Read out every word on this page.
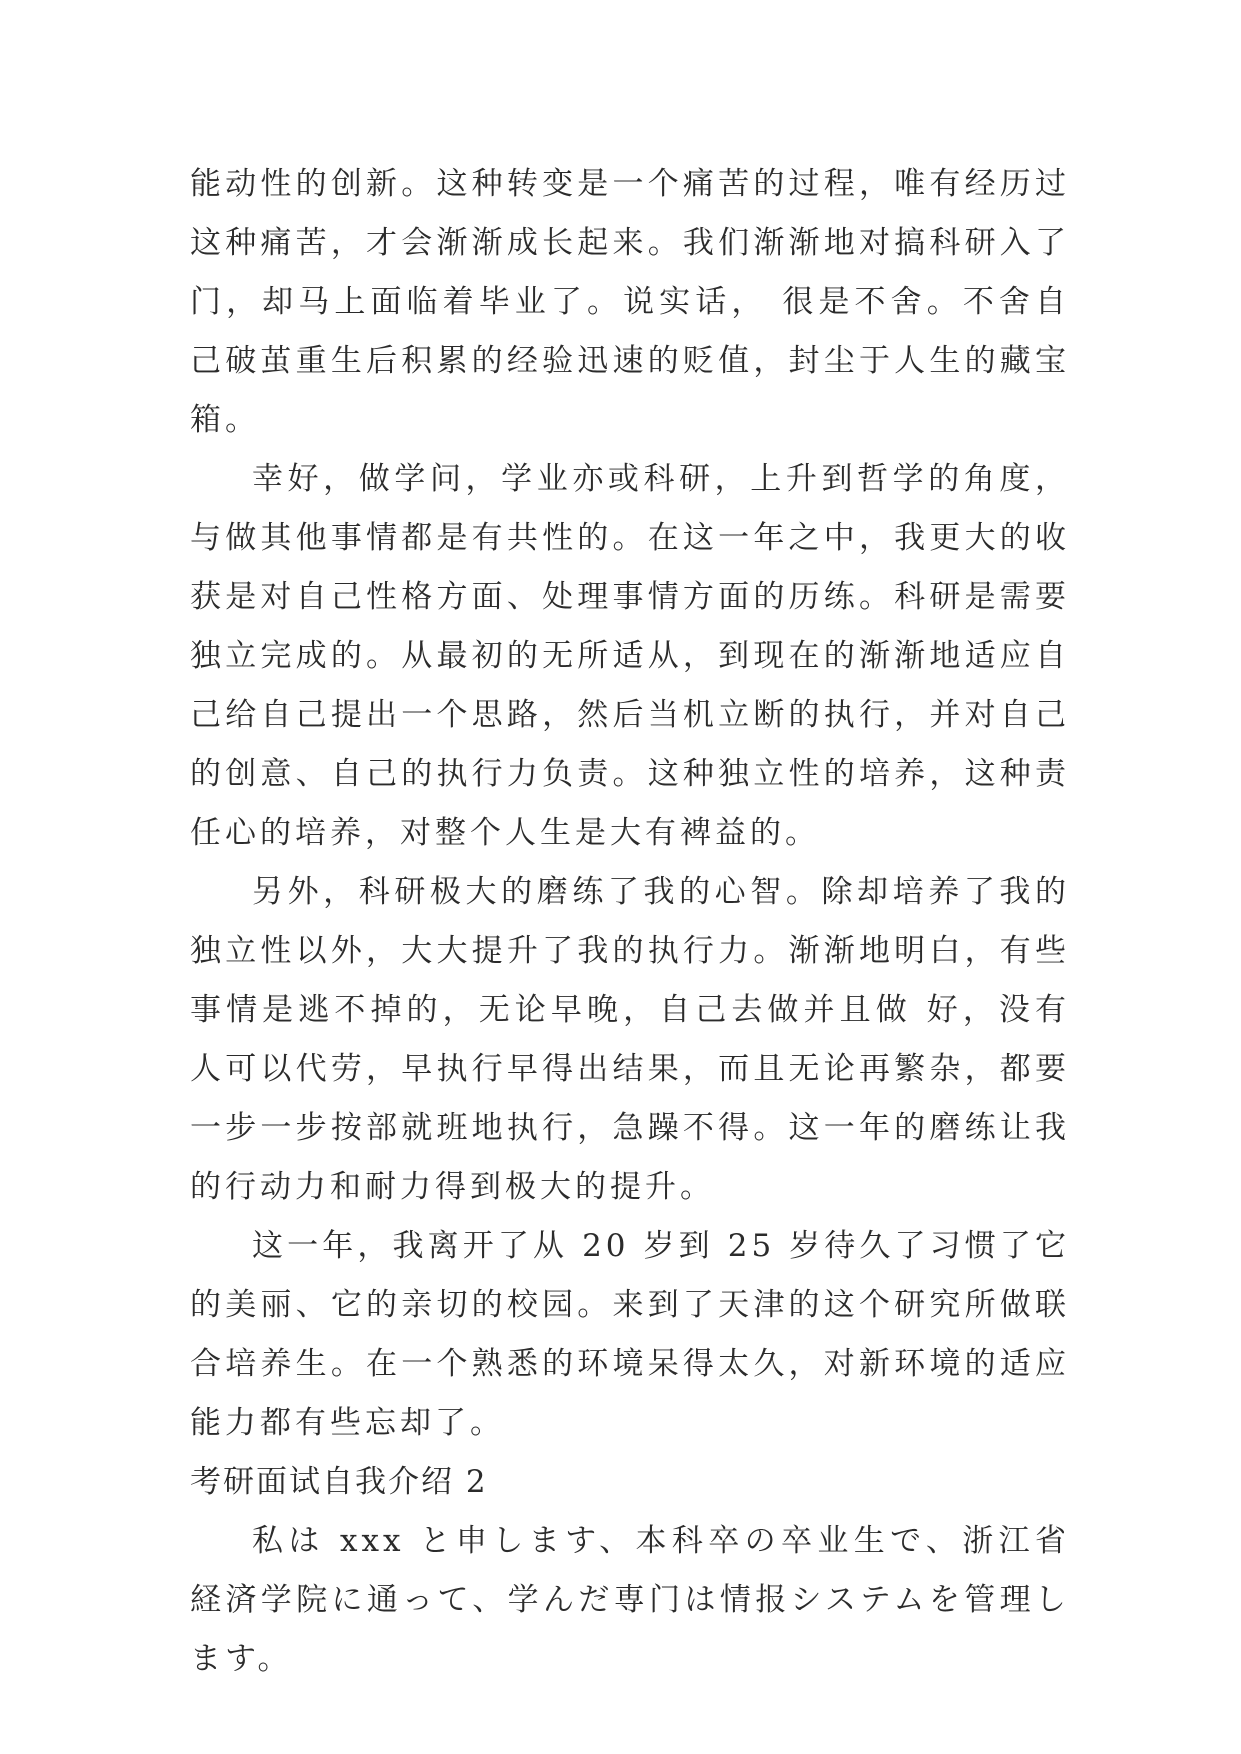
能动性的创新。这种转变是一个痛苦的过程，唯有经历过这种痛苦，才会渐渐成长起来。我们渐渐地对搞科研入了门，却马上面临着毕业了。说实话， 很是不舍。不舍自己破茧重生后积累的经验迅速的贬值，封尘于人生的藏宝箱。

幸好，做学问，学业亦或科研，上升到哲学的角度，与做其他事情都是有共性的。在这一年之中，我更大的收获是对自己性格方面、处理事情方面的历练。科研是需要独立完成的。从最初的无所适从，到现在的渐渐地适应自己给自己提出一个思路，然后当机立断的执行，并对自己的创意、自己的执行力负责。这种独立性的培养，这种责任心的培养，对整个人生是大有裨益的。

另外，科研极大的磨练了我的心智。除却培养了我的独立性以外，大大提升了我的执行力。渐渐地明白，有些事情是逃不掉的，无论早晚，自己去做并且做 好，没有人可以代劳，早执行早得出结果，而且无论再繁杂，都要一步一步按部就班地执行，急躁不得。这一年的磨练让我的行动力和耐力得到极大的提升。

这一年，我离开了从 20 岁到 25 岁待久了习惯了它的美丽、它的亲切的校园。来到了天津的这个研究所做联合培养生。在一个熟悉的环境呆得太久，对新环境的适应能力都有些忘却了。

考研面试自我介绍 2

私は xxx と申します、本科卒の卒业生で、浙江省経済学院に通って、学んだ専门は情报システムを管理します。
